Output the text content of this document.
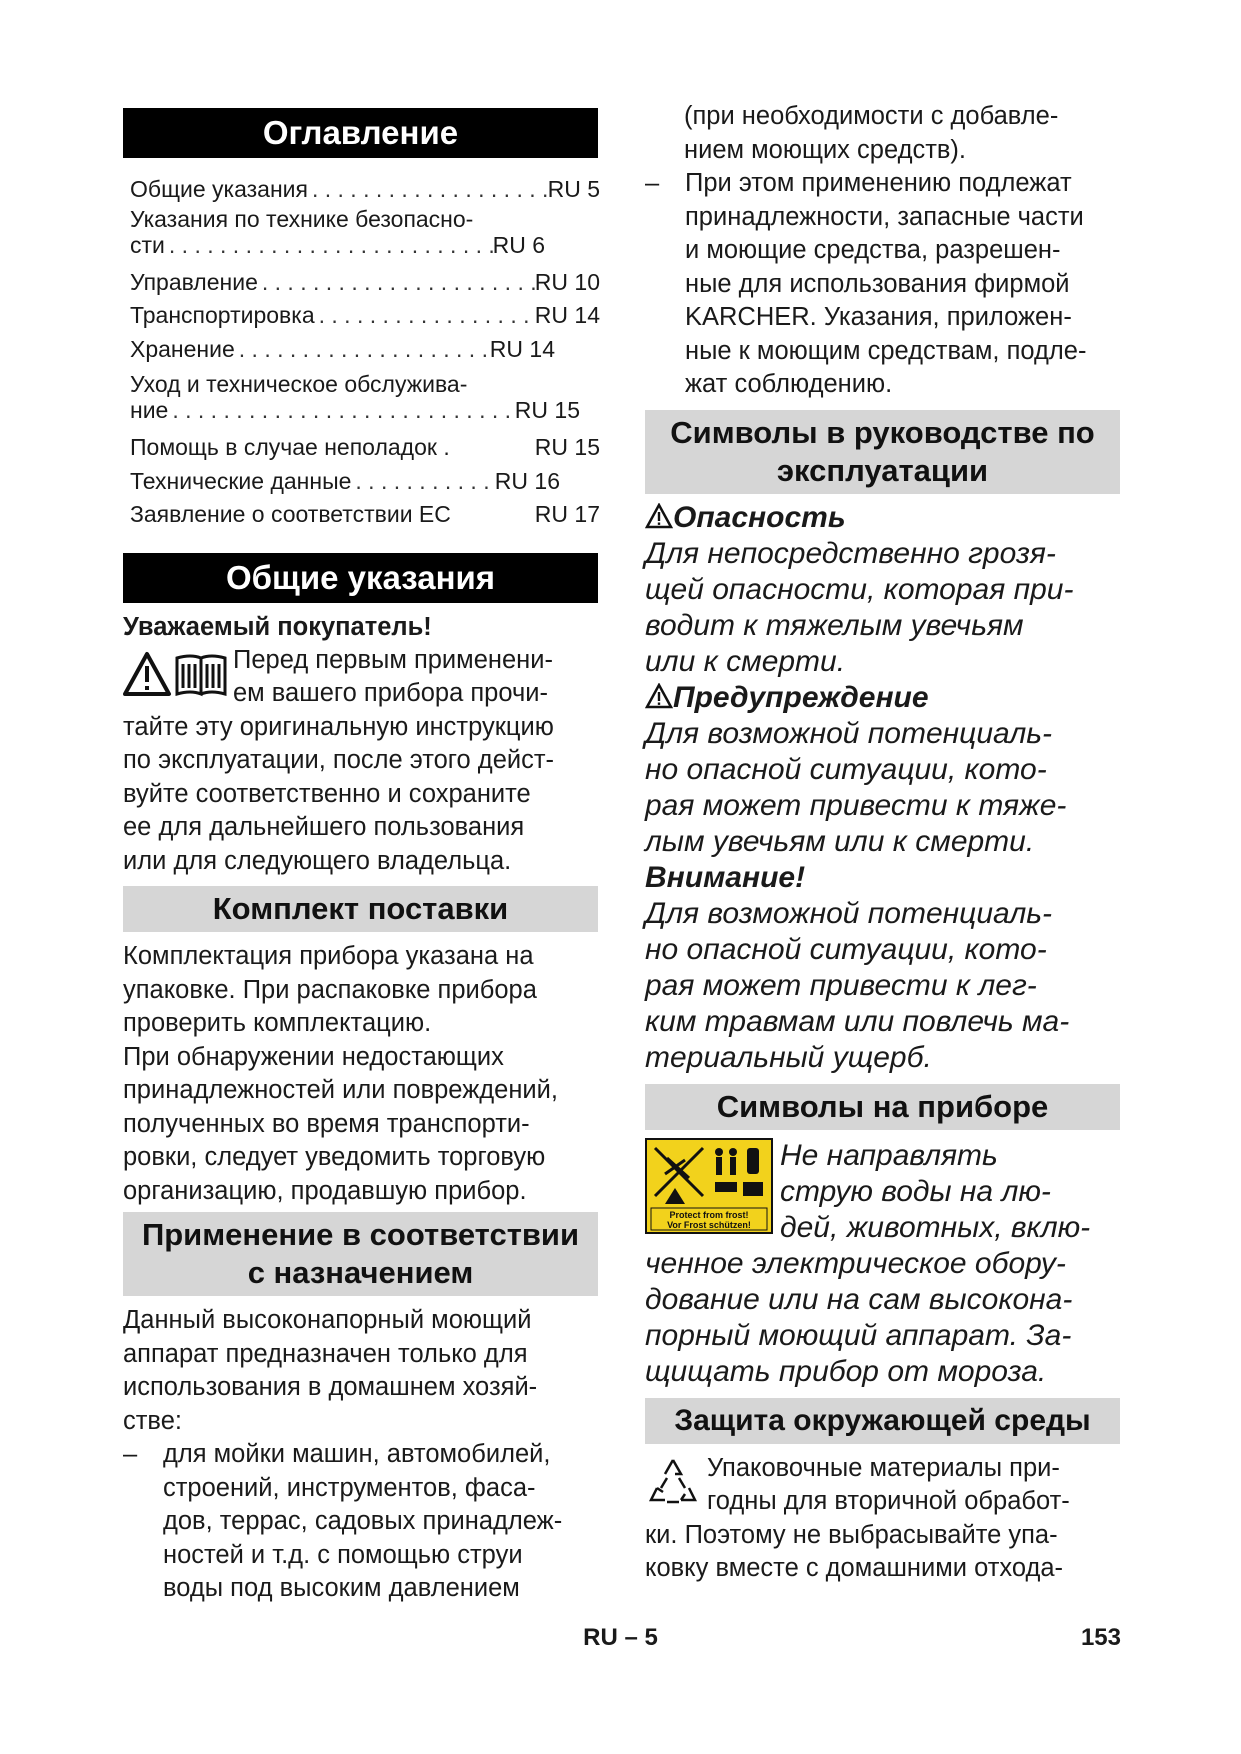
Оглавление
Общие указания . . .	RU 5
Указания по технике безопасно-
сти . . .	RU 6
Управление . . .	RU 10
Транспортировка . . .	RU 14
Хранение . . .	RU 14
Уход и техническое обслужива-
ние . . .	RU 15
Помощь в случае неполадок .	RU 15
Технические данные . . .	RU 16
Заявление о соответствии ЕС	RU 17
Общие указания

Уважаемый покупатель!

Перед первым применени-

ем вашего прибора прочи-

тайте эту оригинальную инструкцию

по эксплуатации, после этого дейст-

вуйте соответственно и сохраните

ее для дальнейшего пользования

или для следующего владельца.

Комплект поставки

Комплектация прибора указана на

упаковке. При распаковке прибора

проверить комплектацию.

При обнаружении недостающих

принадлежностей или повреждений,

полученных во время транспорти-

ровки, следует уведомить торговую

организацию, продавшую прибор.

Применение в соответствии
с назначением

Данный высоконапорный моющий

аппарат предназначен только для

использования в домашнем хозяй-

стве:

–	для мойки машин, автомобилей,

строений, инструментов, фаса-

дов, террас, садовых принадлеж-

ностей и т.д. с помощью струи

воды под высоким давлением

(при необходимости с добавле-

нием моющих средств).

–	При этом применению подлежат

принадлежности, запасные части

и моющие средства, разрешен-

ные для использования фирмой

KARCHER. Указания, приложен-

ные к моющим средствам, подле-

жат соблюдению.

Символы в руководстве по
эксплуатации

Опасность

Для непосредственно грозя-

щей опасности, которая при-

водит к тяжелым увечьям

или к смерти.

Предупреждение

Для возможной потенциаль-

но опасной ситуации, кото-

рая может привести к тяже-

лым увечьям или к смерти.

Внимание!

Для возможной потенциаль-

но опасной ситуации, кото-

рая может привести к лег-

ким травмам или повлечь ма-

териальный ущерб.

Символы на приборе
Protect from frost!
Vor Frost schützen!

Не направлять

струю воды на лю-

дей, животных, вклю-

ченное электрическое обору-

дование или на сам высокона-

порный моющий аппарат. За-

щищать прибор от мороза.

Защита окружающей среды

Упаковочные материалы при-

годны для вторичной обработ-

ки. Поэтому не выбрасывайте упа-

ковку вместе с домашними отхода-

RU – 5	153
